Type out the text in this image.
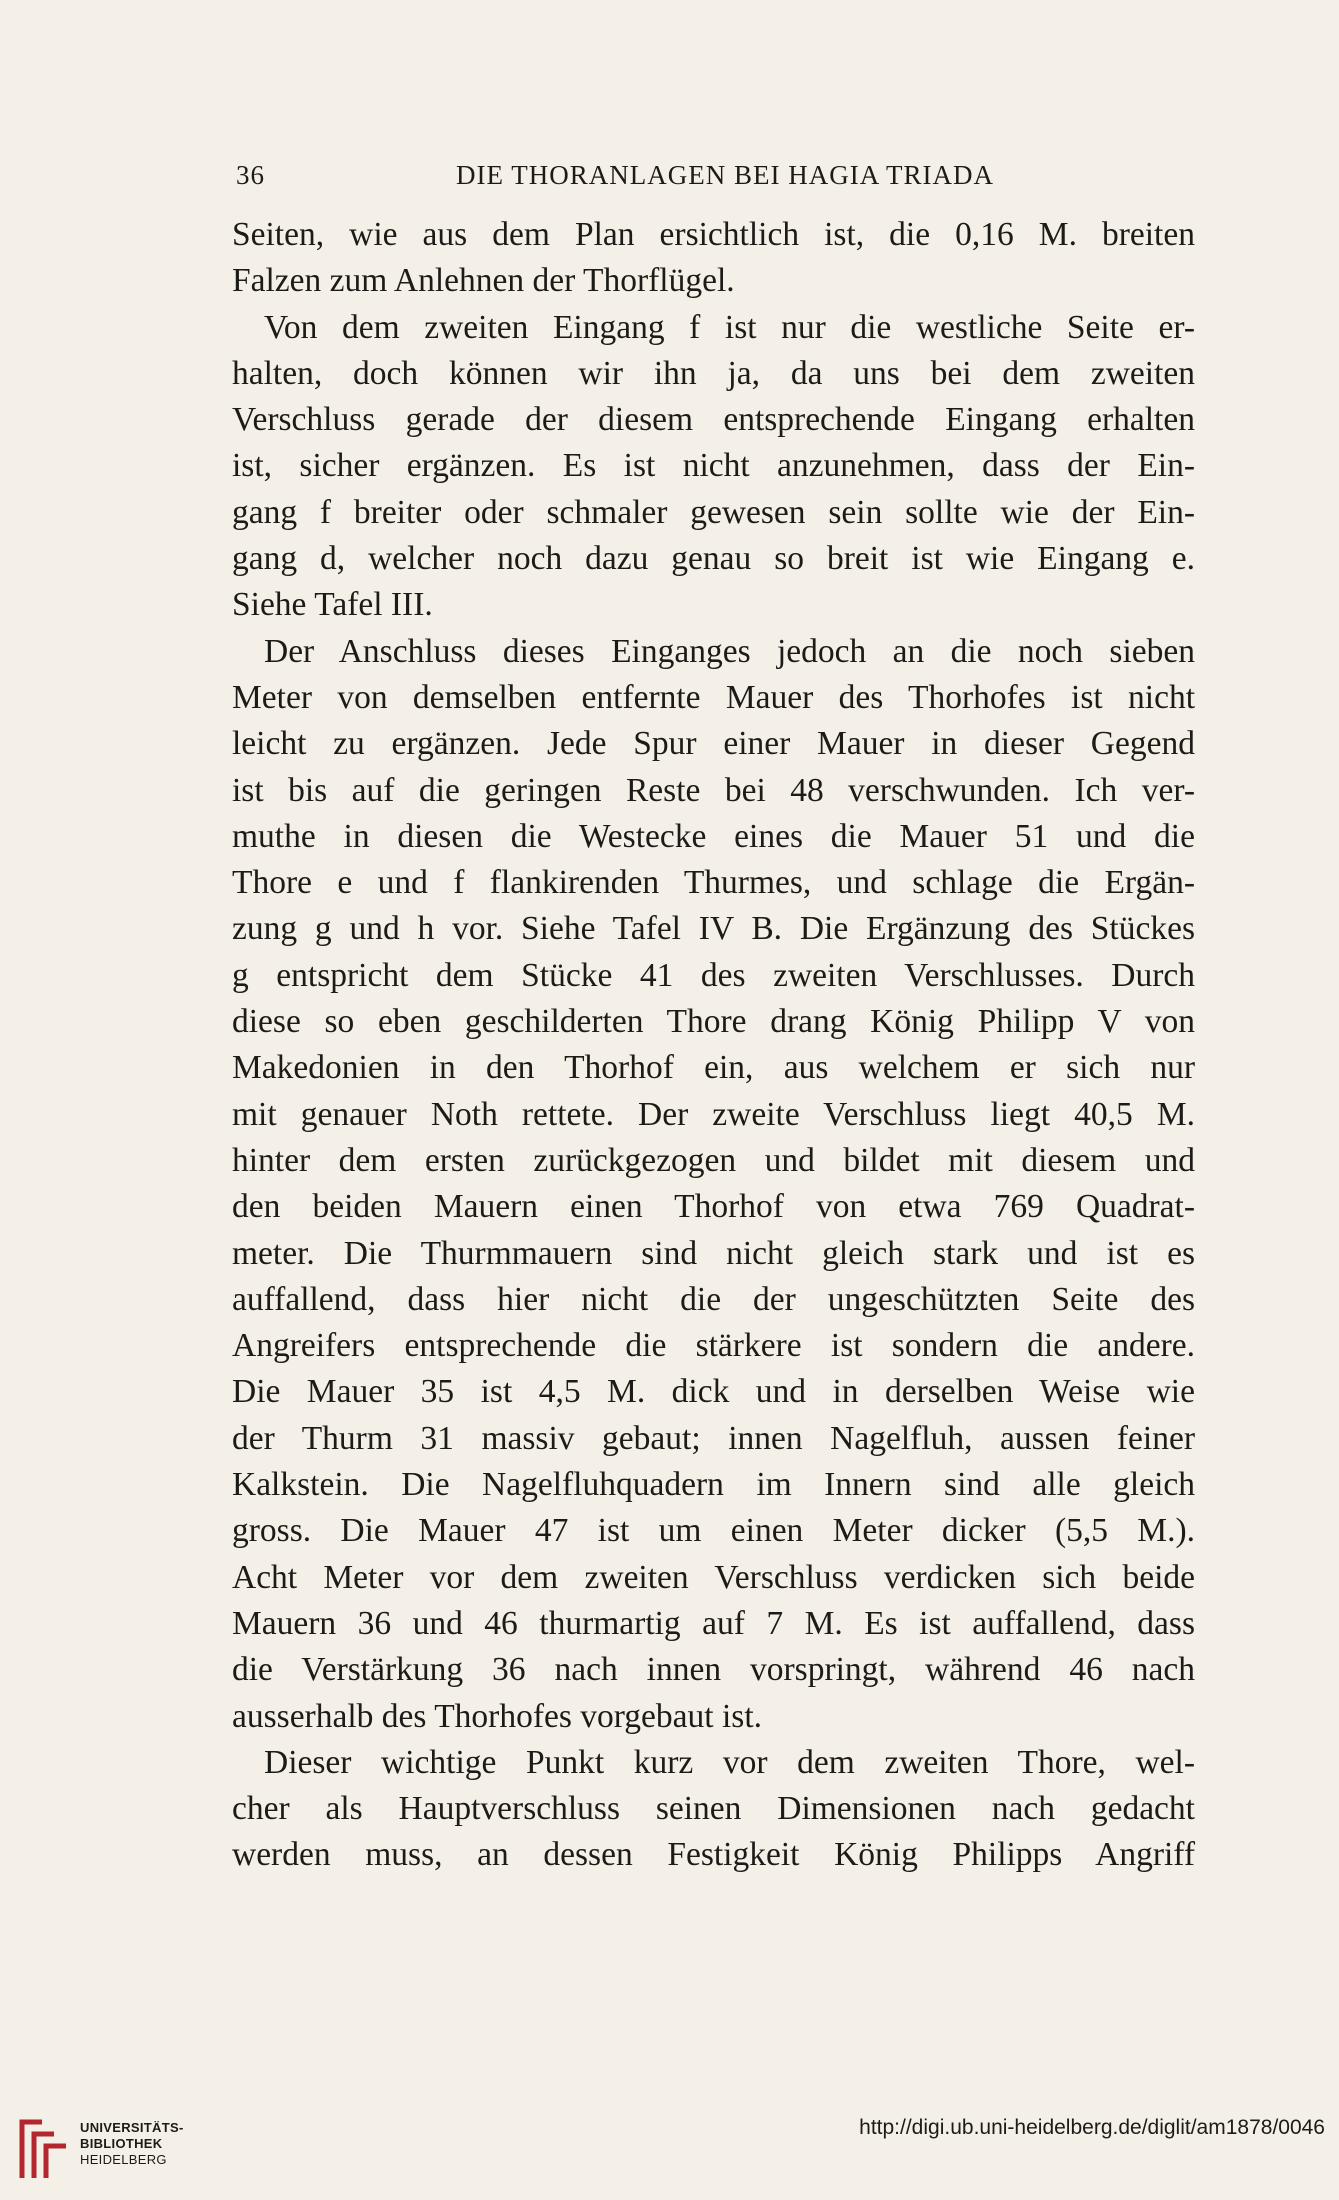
36	DIE THORANLAGEN BEI HAGIA TRIADA
Seiten, wie aus dem Plan ersichtlich ist, die 0,16 M. breiten
Falzen zum Anlehnen der Thorflügel.
Von dem zweiten Eingang f ist nur die westliche Seite er-
halten, doch können wir ihn ja, da uns bei dem zweiten
Verschluss gerade der diesem entsprechende Eingang erhalten
ist, sicher ergänzen. Es ist nicht anzunehmen, dass der Ein-
gang f breiter oder schmaler gewesen sein sollte wie der Ein-
gang d, welcher noch dazu genau so breit ist wie Eingang e.
Siehe Tafel III.
Der Anschluss dieses Einganges jedoch an die noch sieben
Meter von demselben entfernte Mauer des Thorhofes ist nicht
leicht zu ergänzen. Jede Spur einer Mauer in dieser Gegend
ist bis auf die geringen Reste bei 48 verschwunden. Ich ver-
muthe in diesen die Westecke eines die Mauer 51 und die
Thore e und f flankirenden Thurmes, und schlage die Ergän-
zung g und h vor. Siehe Tafel IV B. Die Ergänzung des Stückes
g entspricht dem Stücke 41 des zweiten Verschlusses. Durch
diese so eben geschilderten Thore drang König Philipp V von
Makedonien in den Thorhof ein, aus welchem er sich nur
mit genauer Noth rettete. Der zweite Verschluss liegt 40,5 M.
hinter dem ersten zurückgezogen und bildet mit diesem und
den beiden Mauern einen Thorhof von etwa 769 Quadrat-
meter. Die Thurmmauern sind nicht gleich stark und ist es
auffallend, dass hier nicht die der ungeschützten Seite des
Angreifers entsprechende die stärkere ist sondern die andere.
Die Mauer 35 ist 4,5 M. dick und in derselben Weise wie
der Thurm 31 massiv gebaut; innen Nagelfluh, aussen feiner
Kalkstein. Die Nagelfluhquadern im Innern sind alle gleich
gross. Die Mauer 47 ist um einen Meter dicker (5,5 M.).
Acht Meter vor dem zweiten Verschluss verdicken sich beide
Mauern 36 und 46 thurmartig auf 7 M. Es ist auffallend, dass
die Verstärkung 36 nach innen vorspringt, während 46 nach
ausserhalb des Thorhofes vorgebaut ist.
Dieser wichtige Punkt kurz vor dem zweiten Thore, wel-
cher als Hauptverschluss seinen Dimensionen nach gedacht
werden muss, an dessen Festigkeit König Philipps Angriff
UNIVERSITÄTS-
BIBLIOTHEK
HEIDELBERG
http://digi.ub.uni-heidelberg.de/diglit/am1878/0046
